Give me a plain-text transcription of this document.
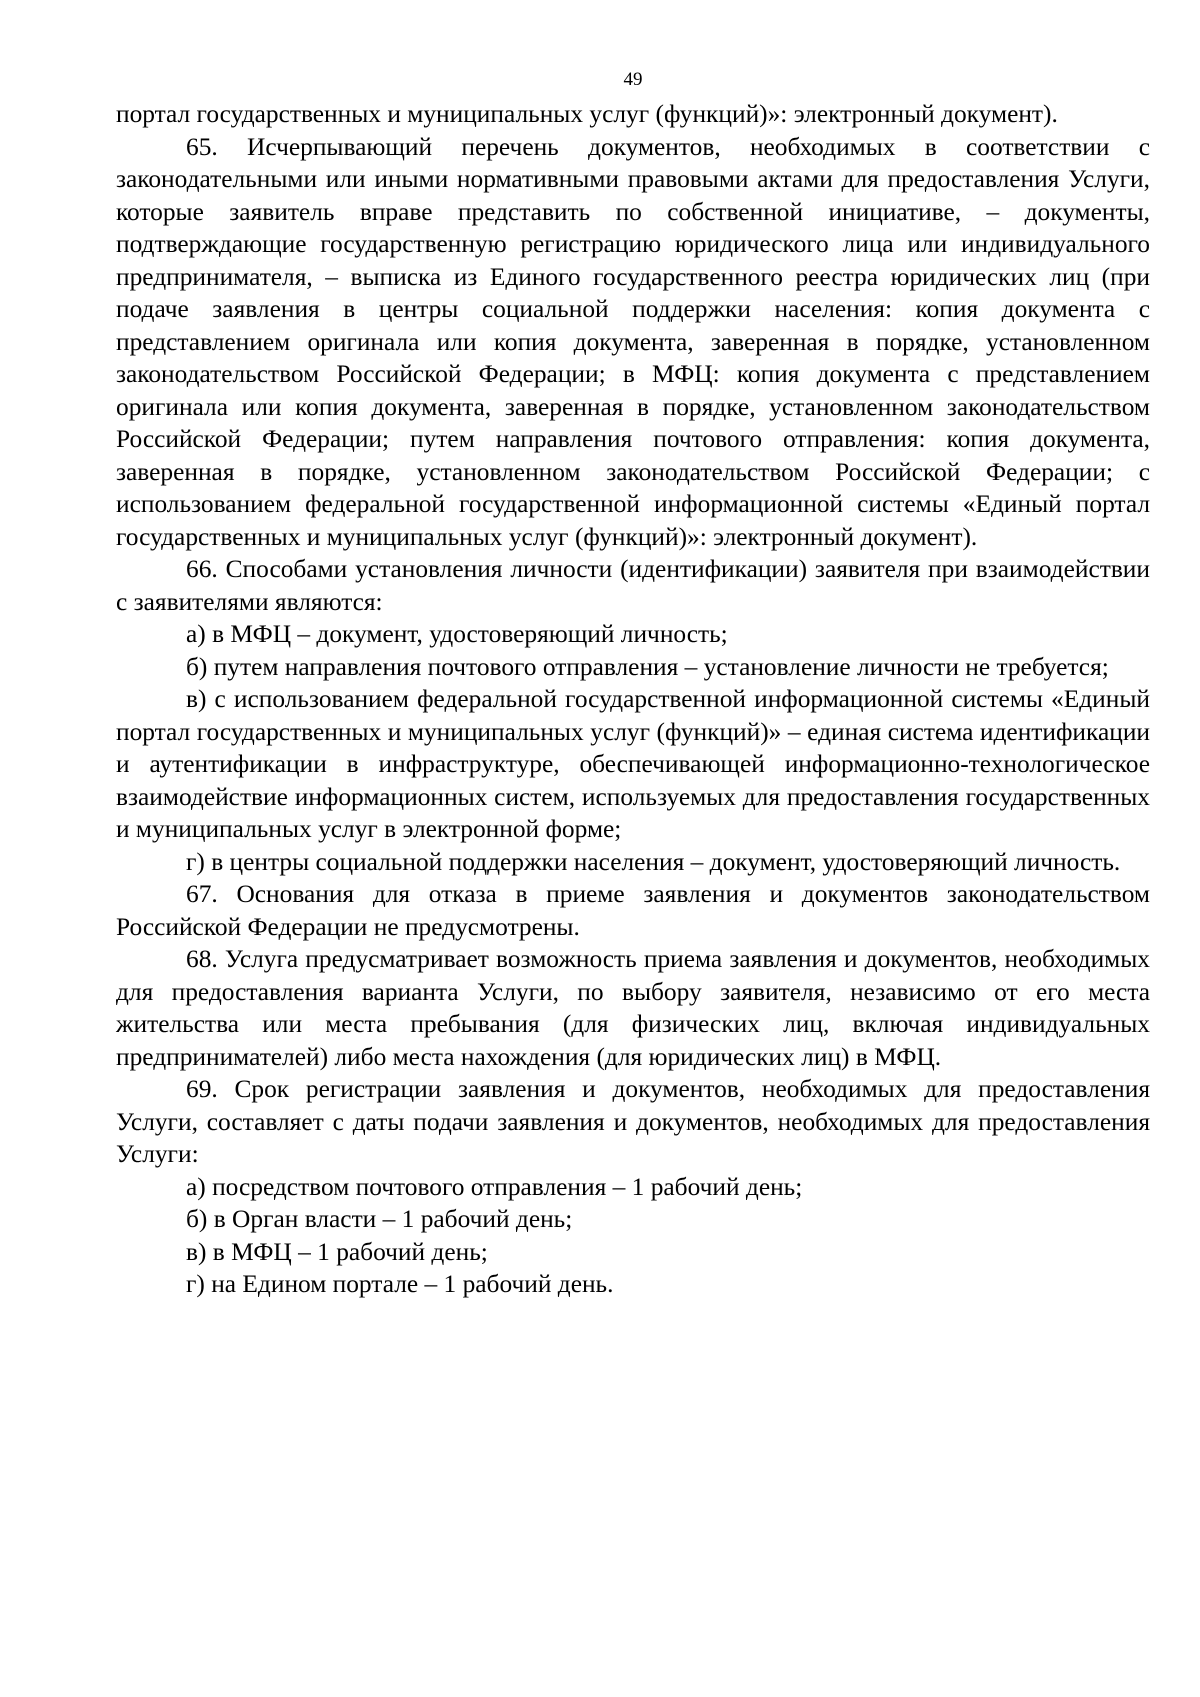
49

портал государственных и муниципальных услуг (функций)»: электронный документ).

65. Исчерпывающий перечень документов, необходимых в соответствии с законодательными или иными нормативными правовыми актами для предоставления Услуги, которые заявитель вправе представить по собственной инициативе, – документы, подтверждающие государственную регистрацию юридического лица или индивидуального предпринимателя, – выписка из Единого государственного реестра юридических лиц (при подаче заявления в центры социальной поддержки населения: копия документа с представлением оригинала или копия документа, заверенная в порядке, установленном законодательством Российской Федерации; в МФЦ: копия документа с представлением оригинала или копия документа, заверенная в порядке, установленном законодательством Российской Федерации; путем направления почтового отправления: копия документа, заверенная в порядке, установленном законодательством Российской Федерации; с использованием федеральной государственной информационной системы «Единый портал государственных и муниципальных услуг (функций)»: электронный документ).

66. Способами установления личности (идентификации) заявителя при взаимодействии с заявителями являются:

а) в МФЦ – документ, удостоверяющий личность;

б) путем направления почтового отправления – установление личности не требуется;

в) с использованием федеральной государственной информационной системы «Единый портал государственных и муниципальных услуг (функций)» – единая система идентификации и аутентификации в инфраструктуре, обеспечивающей информационно-технологическое взаимодействие информационных систем, используемых для предоставления государственных и муниципальных услуг в электронной форме;

г) в центры социальной поддержки населения – документ, удостоверяющий личность.

67. Основания для отказа в приеме заявления и документов законодательством Российской Федерации не предусмотрены.

68. Услуга предусматривает возможность приема заявления и документов, необходимых для предоставления варианта Услуги, по выбору заявителя, независимо от его места жительства или места пребывания (для физических лиц, включая индивидуальных предпринимателей) либо места нахождения (для юридических лиц) в МФЦ.

69. Срок регистрации заявления и документов, необходимых для предоставления Услуги, составляет с даты подачи заявления и документов, необходимых для предоставления Услуги:

а) посредством почтового отправления – 1 рабочий день;

б) в Орган власти – 1 рабочий день;

в) в МФЦ – 1 рабочий день;

г) на Едином портале – 1 рабочий день.
